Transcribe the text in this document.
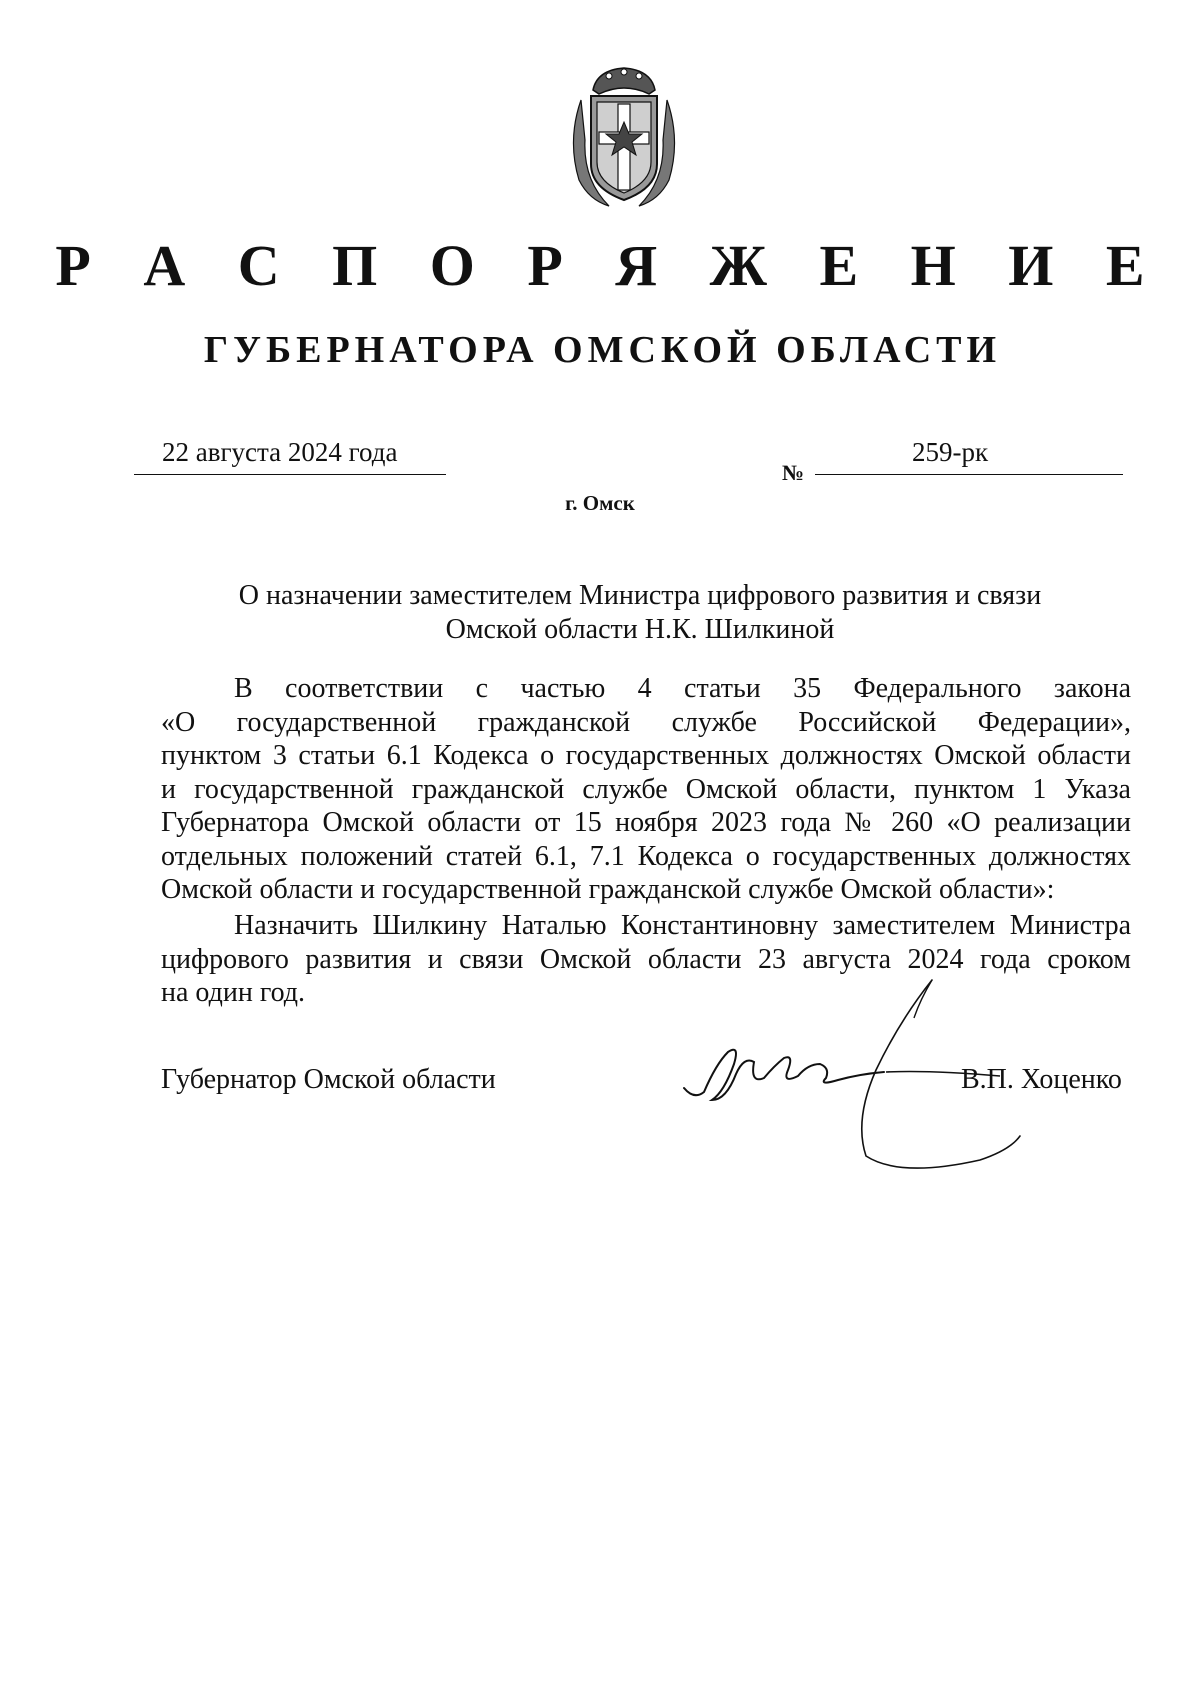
Р А С П О Р Я Ж Е Н И Е
ГУБЕРНАТОРА ОМСКОЙ ОБЛАСТИ
22 августа 2024 года
№
259-рк
г. Омск
О назначении заместителем Министра цифрового развития и связи
Омской области Н.К. Шилкиной
В соответствии с частью 4 статьи 35 Федерального закона
«О государственной гражданской службе Российской Федерации»,
пунктом 3 статьи 6.1 Кодекса о государственных должностях Омской области
и государственной гражданской службе Омской области, пунктом 1 Указа
Губернатора Омской области от 15 ноября 2023 года № 260 «О реализации
отдельных положений статей 6.1, 7.1 Кодекса о государственных должностях
Омской области и государственной гражданской службе Омской области»:
Назначить Шилкину Наталью Константиновну заместителем Министра
цифрового развития и связи Омской области 23 августа 2024 года сроком
на один год.
Губернатор Омской области	В.П. Хоценко
